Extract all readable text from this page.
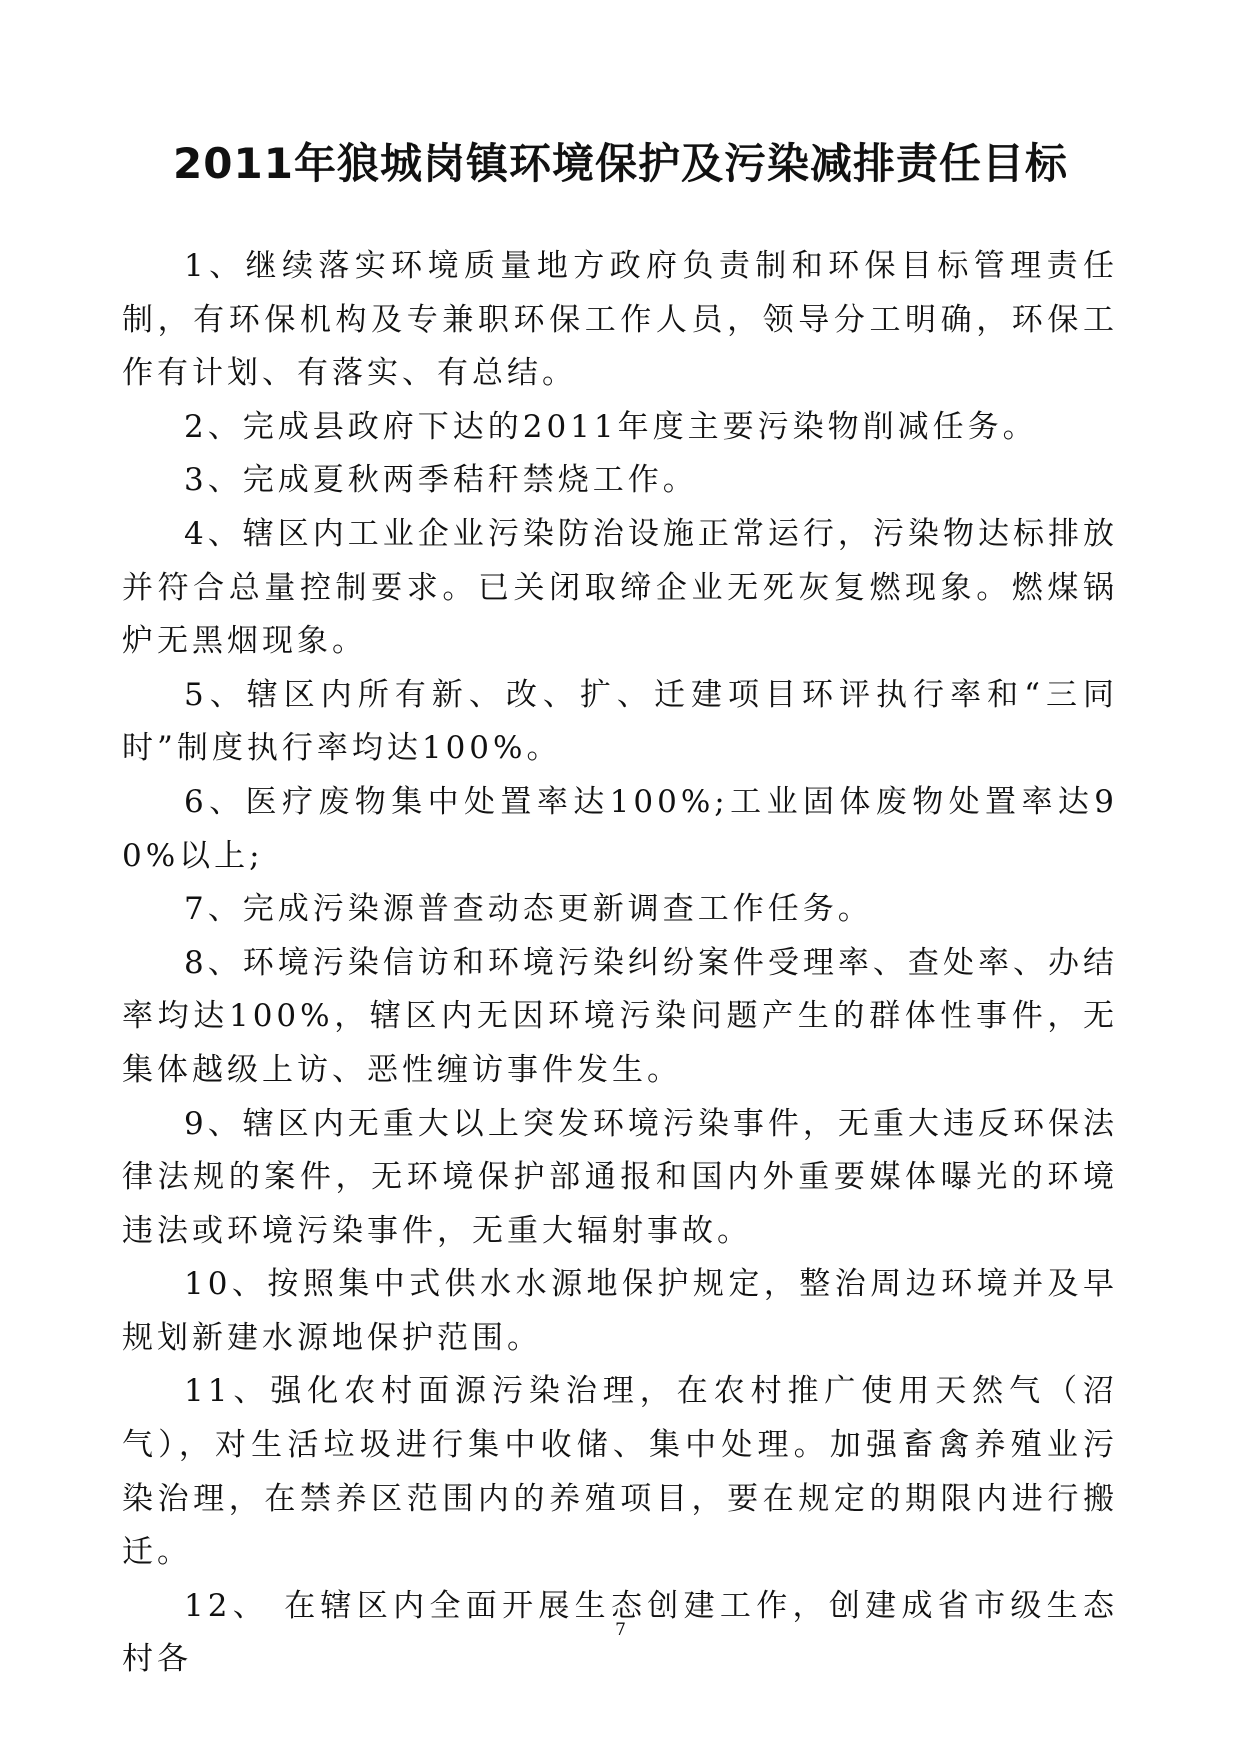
2011年狼城岗镇环境保护及污染减排责任目标

1、继续落实环境质量地方政府负责制和环保目标管理责任制，有环保机构及专兼职环保工作人员，领导分工明确，环保工作有计划、有落实、有总结。

2、完成县政府下达的2011年度主要污染物削减任务。

3、完成夏秋两季秸秆禁烧工作。

4、辖区内工业企业污染防治设施正常运行，污染物达标排放并符合总量控制要求。已关闭取缔企业无死灰复燃现象。燃煤锅炉无黑烟现象。

5、辖区内所有新、改、扩、迁建项目环评执行率和“三同时”制度执行率均达100%。

6、医疗废物集中处置率达100%;工业固体废物处置率达90%以上;

7、完成污染源普查动态更新调查工作任务。

8、环境污染信访和环境污染纠纷案件受理率、查处率、办结率均达100%，辖区内无因环境污染问题产生的群体性事件，无集体越级上访、恶性缠访事件发生。

9、辖区内无重大以上突发环境污染事件，无重大违反环保法律法规的案件，无环境保护部通报和国内外重要媒体曝光的环境违法或环境污染事件，无重大辐射事故。

10、按照集中式供水水源地保护规定，整治周边环境并及早规划新建水源地保护范围。

11、强化农村面源污染治理，在农村推广使用天然气（沼气），对生活垃圾进行集中收储、集中处理。加强畜禽养殖业污染治理，在禁养区范围内的养殖项目，要在规定的期限内进行搬迁。

12、 在辖区内全面开展生态创建工作，创建成省市级生态村各

7
